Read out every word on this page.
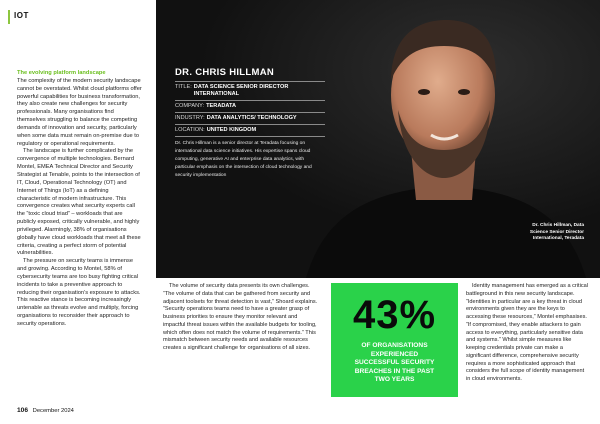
IOT

The evolving platform landscape

The complexity of the modern security landscape cannot be overstated. Whilst cloud platforms offer powerful capabilities for business transformation, they also create new challenges for security professionals. Many organisations find themselves struggling to balance the competing demands of innovation and security, particularly when some data must remain on-premise due to regulatory or operational requirements.

The landscape is further complicated by the convergence of multiple technologies. Bernard Montel, EMEA Technical Director and Security Strategist at Tenable, points to the intersection of IT, Cloud, Operational Technology (OT) and Internet of Things (IoT) as a defining characteristic of modern infrastructure. This convergence creates what security experts call the “toxic cloud triad” – workloads that are publicly exposed, critically vulnerable, and highly privileged. Alarmingly, 38% of organisations globally have cloud workloads that meet all these criteria, creating a perfect storm of potential vulnerabilities.

The pressure on security teams is immense and growing. According to Montel, 58% of cybersecurity teams are too busy fighting critical incidents to take a preventive approach to reducing their organisation’s exposure to attacks. This reactive stance is becoming increasingly untenable as threats evolve and multiply, forcing organisations to reconsider their approach to security operations.

DR. CHRIS HILLMAN
TITLE: DATA SCIENCE SENIOR DIRECTOR INTERNATIONAL
COMPANY: TERADATA
INDUSTRY: DATA ANALYTICS/ TECHNOLOGY
LOCATION: UNITED KINGDOM
Dr. Chris Hillman is a senior director at Teradata focusing on international data science initiatives. His expertise spans cloud computing, generative AI and enterprise data analytics, with particular emphasis on the intersection of cloud technology and security implementation
Dr. Chris Hillman, Data Science Senior Director International, Teradata

The volume of security data presents its own challenges. “The volume of data that can be gathered from security and adjacent toolsets for threat detection is vast,” Shoard explains. “Security operations teams need to have a greater grasp of business priorities to ensure they monitor relevant and impactful threat issues within the available budgets for tooling, which often does not match the volume of requirements.” This mismatch between security needs and available resources creates a significant challenge for organisations of all sizes.

43%
OF ORGANISATIONS EXPERIENCED SUCCESSFUL SECURITY BREACHES IN THE PAST TWO YEARS

Identity management has emerged as a critical battleground in this new security landscape. “Identities in particular are a key threat in cloud environments given they are the keys to accessing these resources,” Montel emphasises. “If compromised, they enable attackers to gain access to everything, particularly sensitive data and systems.” Whilst simple measures like keeping credentials private can make a significant difference, comprehensive security requires a more sophisticated approach that considers the full scope of identity management in cloud environments.

106 December 2024
